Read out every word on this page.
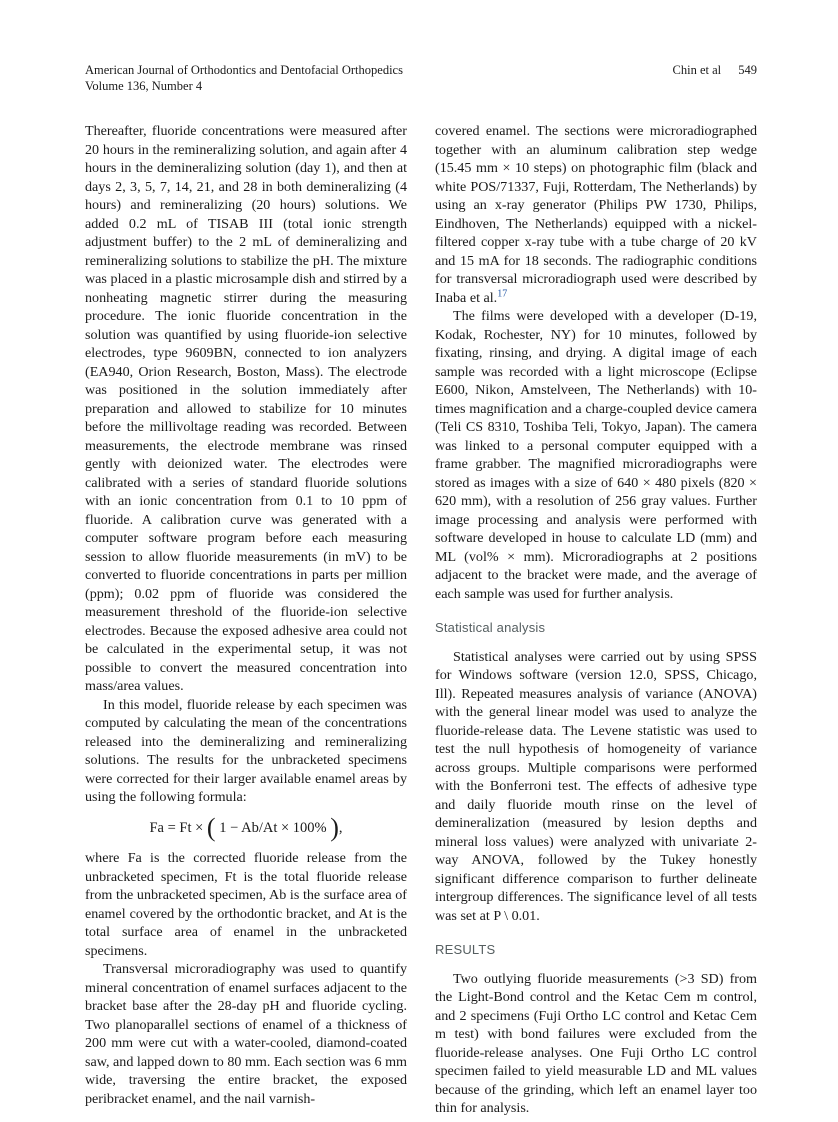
American Journal of Orthodontics and Dentofacial Orthopedics
Volume 136, Number 4
Chin et al 549

Thereafter, fluoride concentrations were measured after 20 hours in the remineralizing solution, and again after 4 hours in the demineralizing solution (day 1), and then at days 2, 3, 5, 7, 14, 21, and 28 in both demineralizing (4 hours) and remineralizing (20 hours) solutions. We added 0.2 mL of TISAB III (total ionic strength adjustment buffer) to the 2 mL of demineralizing and remineralizing solutions to stabilize the pH. The mixture was placed in a plastic microsample dish and stirred by a nonheating magnetic stirrer during the measuring procedure. The ionic fluoride concentration in the solution was quantified by using fluoride-ion selective electrodes, type 9609BN, connected to ion analyzers (EA940, Orion Research, Boston, Mass). The electrode was positioned in the solution immediately after preparation and allowed to stabilize for 10 minutes before the millivoltage reading was recorded. Between measurements, the electrode membrane was rinsed gently with deionized water. The electrodes were calibrated with a series of standard fluoride solutions with an ionic concentration from 0.1 to 10 ppm of fluoride. A calibration curve was generated with a computer software program before each measuring session to allow fluoride measurements (in mV) to be converted to fluoride concentrations in parts per million (ppm); 0.02 ppm of fluoride was considered the measurement threshold of the fluoride-ion selective electrodes. Because the exposed adhesive area could not be calculated in the experimental setup, it was not possible to convert the measured concentration into mass/area values.

In this model, fluoride release by each specimen was computed by calculating the mean of the concentrations released into the demineralizing and remineralizing solutions. The results for the unbracketed specimens were corrected for their larger available enamel areas by using the following formula:

Fa = Ft × ( 1 − Ab/At × 100% ),

where Fa is the corrected fluoride release from the unbracketed specimen, Ft is the total fluoride release from the unbracketed specimen, Ab is the surface area of enamel covered by the orthodontic bracket, and At is the total surface area of enamel in the unbracketed specimens.

Transversal microradiography was used to quantify mineral concentration of enamel surfaces adjacent to the bracket base after the 28-day pH and fluoride cycling. Two planoparallel sections of enamel of a thickness of 200 mm were cut with a water-cooled, diamond-coated saw, and lapped down to 80 mm. Each section was 6 mm wide, traversing the entire bracket, the exposed peribracket enamel, and the nail varnish-

covered enamel. The sections were microradiographed together with an aluminum calibration step wedge (15.45 mm × 10 steps) on photographic film (black and white POS/71337, Fuji, Rotterdam, The Netherlands) by using an x-ray generator (Philips PW 1730, Philips, Eindhoven, The Netherlands) equipped with a nickel-filtered copper x-ray tube with a tube charge of 20 kV and 15 mA for 18 seconds. The radiographic conditions for transversal microradiograph used were described by Inaba et al.$^{17}$

The films were developed with a developer (D-19, Kodak, Rochester, NY) for 10 minutes, followed by fixating, rinsing, and drying. A digital image of each sample was recorded with a light microscope (Eclipse E600, Nikon, Amstelveen, The Netherlands) with 10-times magnification and a charge-coupled device camera (Teli CS 8310, Toshiba Teli, Tokyo, Japan). The camera was linked to a personal computer equipped with a frame grabber. The magnified microradiographs were stored as images with a size of 640 × 480 pixels (820 × 620 mm), with a resolution of 256 gray values. Further image processing and analysis were performed with software developed in house to calculate LD (mm) and ML (vol% × mm). Microradiographs at 2 positions adjacent to the bracket were made, and the average of each sample was used for further analysis.

Statistical analysis

Statistical analyses were carried out by using SPSS for Windows software (version 12.0, SPSS, Chicago, Ill). Repeated measures analysis of variance (ANOVA) with the general linear model was used to analyze the fluoride-release data. The Levene statistic was used to test the null hypothesis of homogeneity of variance across groups. Multiple comparisons were performed with the Bonferroni test. The effects of adhesive type and daily fluoride mouth rinse on the level of demineralization (measured by lesion depths and mineral loss values) were analyzed with univariate 2-way ANOVA, followed by the Tukey honestly significant difference comparison to further delineate intergroup differences. The significance level of all tests was set at P \ 0.01.

RESULTS

Two outlying fluoride measurements (>3 SD) from the Light-Bond control and the Ketac Cem m control, and 2 specimens (Fuji Ortho LC control and Ketac Cem m test) with bond failures were excluded from the fluoride-release analyses. One Fuji Ortho LC control specimen failed to yield measurable LD and ML values because of the grinding, which left an enamel layer too thin for analysis.
